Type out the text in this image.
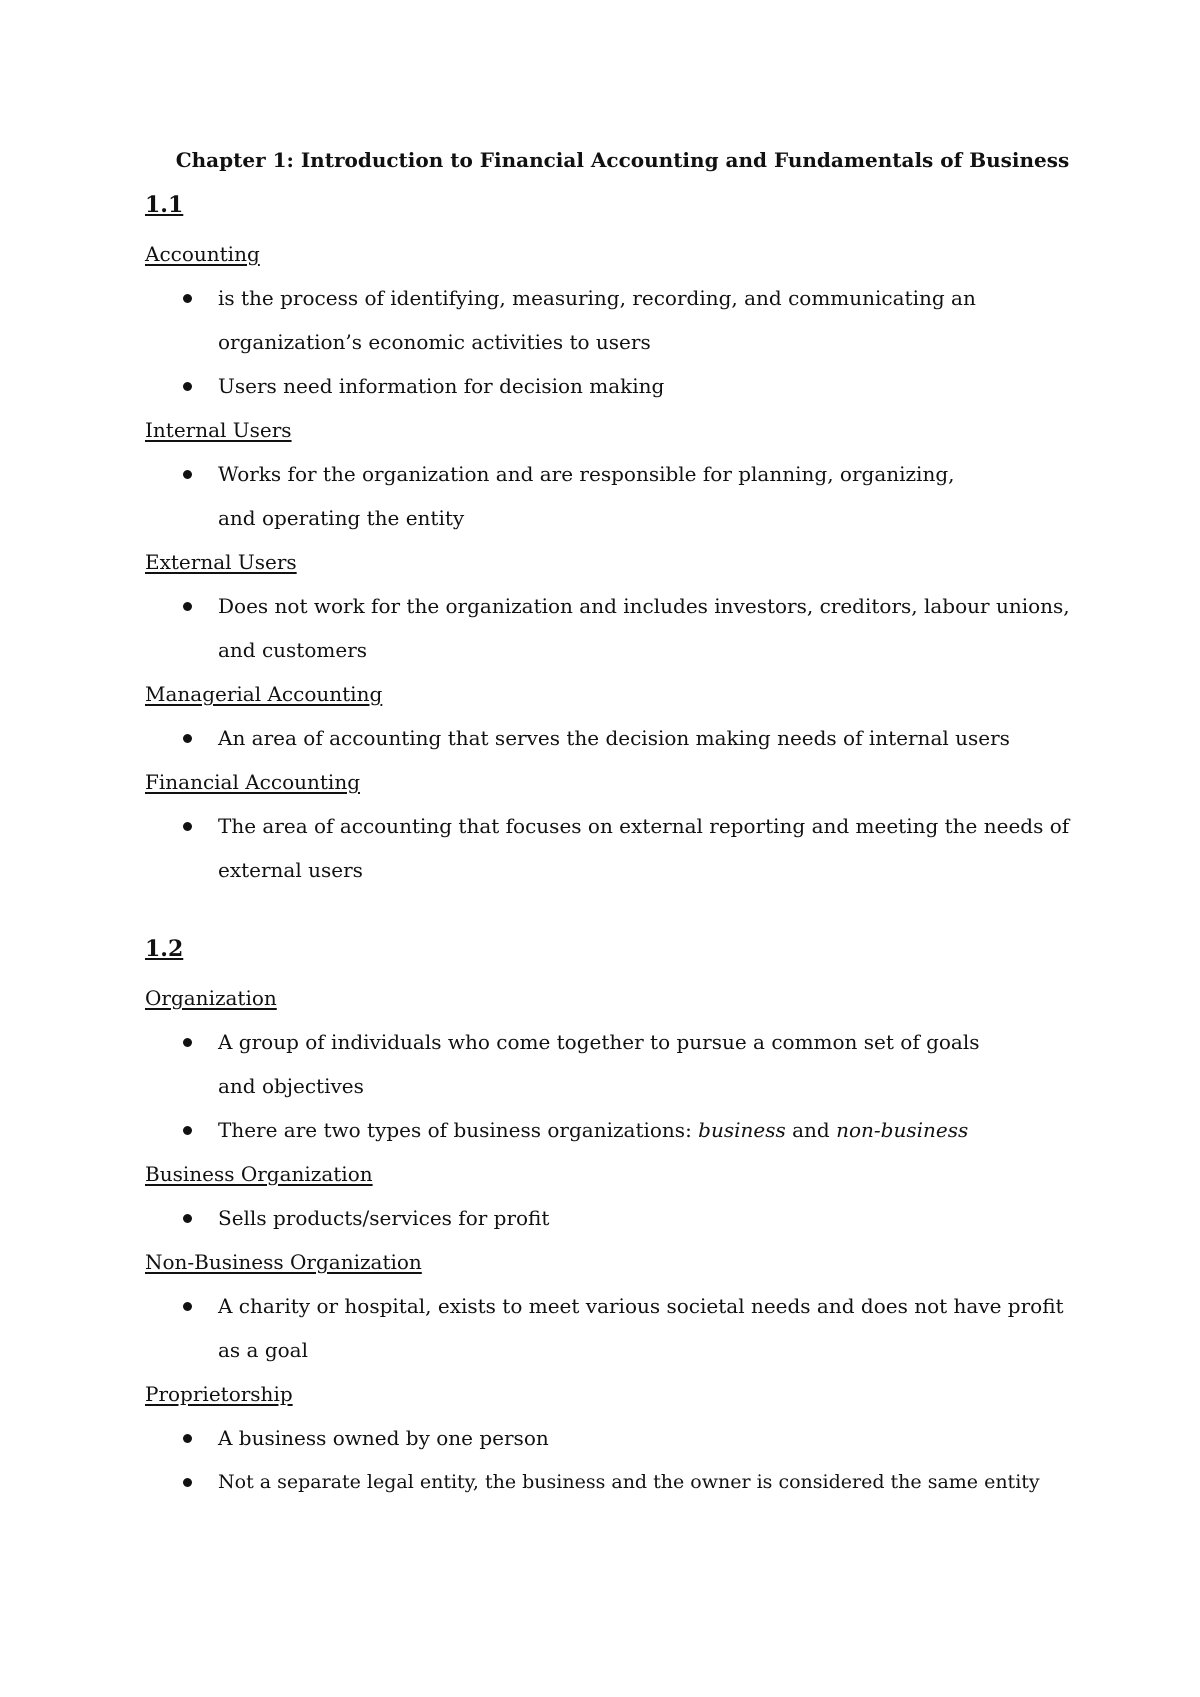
Chapter 1: Introduction to Financial Accounting and Fundamentals of Business
1.1
Accounting
is the process of identifying, measuring, recording, and communicating an organization’s economic activities to users
Users need information for decision making
Internal Users
Works for the organization and are responsible for planning, organizing, and operating the entity
External Users
Does not work for the organization and includes investors, creditors, labour unions, and customers
Managerial Accounting
An area of accounting that serves the decision making needs of internal users
Financial Accounting
The area of accounting that focuses on external reporting and meeting the needs of external users
1.2
Organization
A group of individuals who come together to pursue a common set of goals and objectives
There are two types of business organizations: business and non-business
Business Organization
Sells products/services for profit
Non-Business Organization
A charity or hospital, exists to meet various societal needs and does not have profit as a goal
Proprietorship
A business owned by one person
Not a separate legal entity, the business and the owner is considered the same entity
